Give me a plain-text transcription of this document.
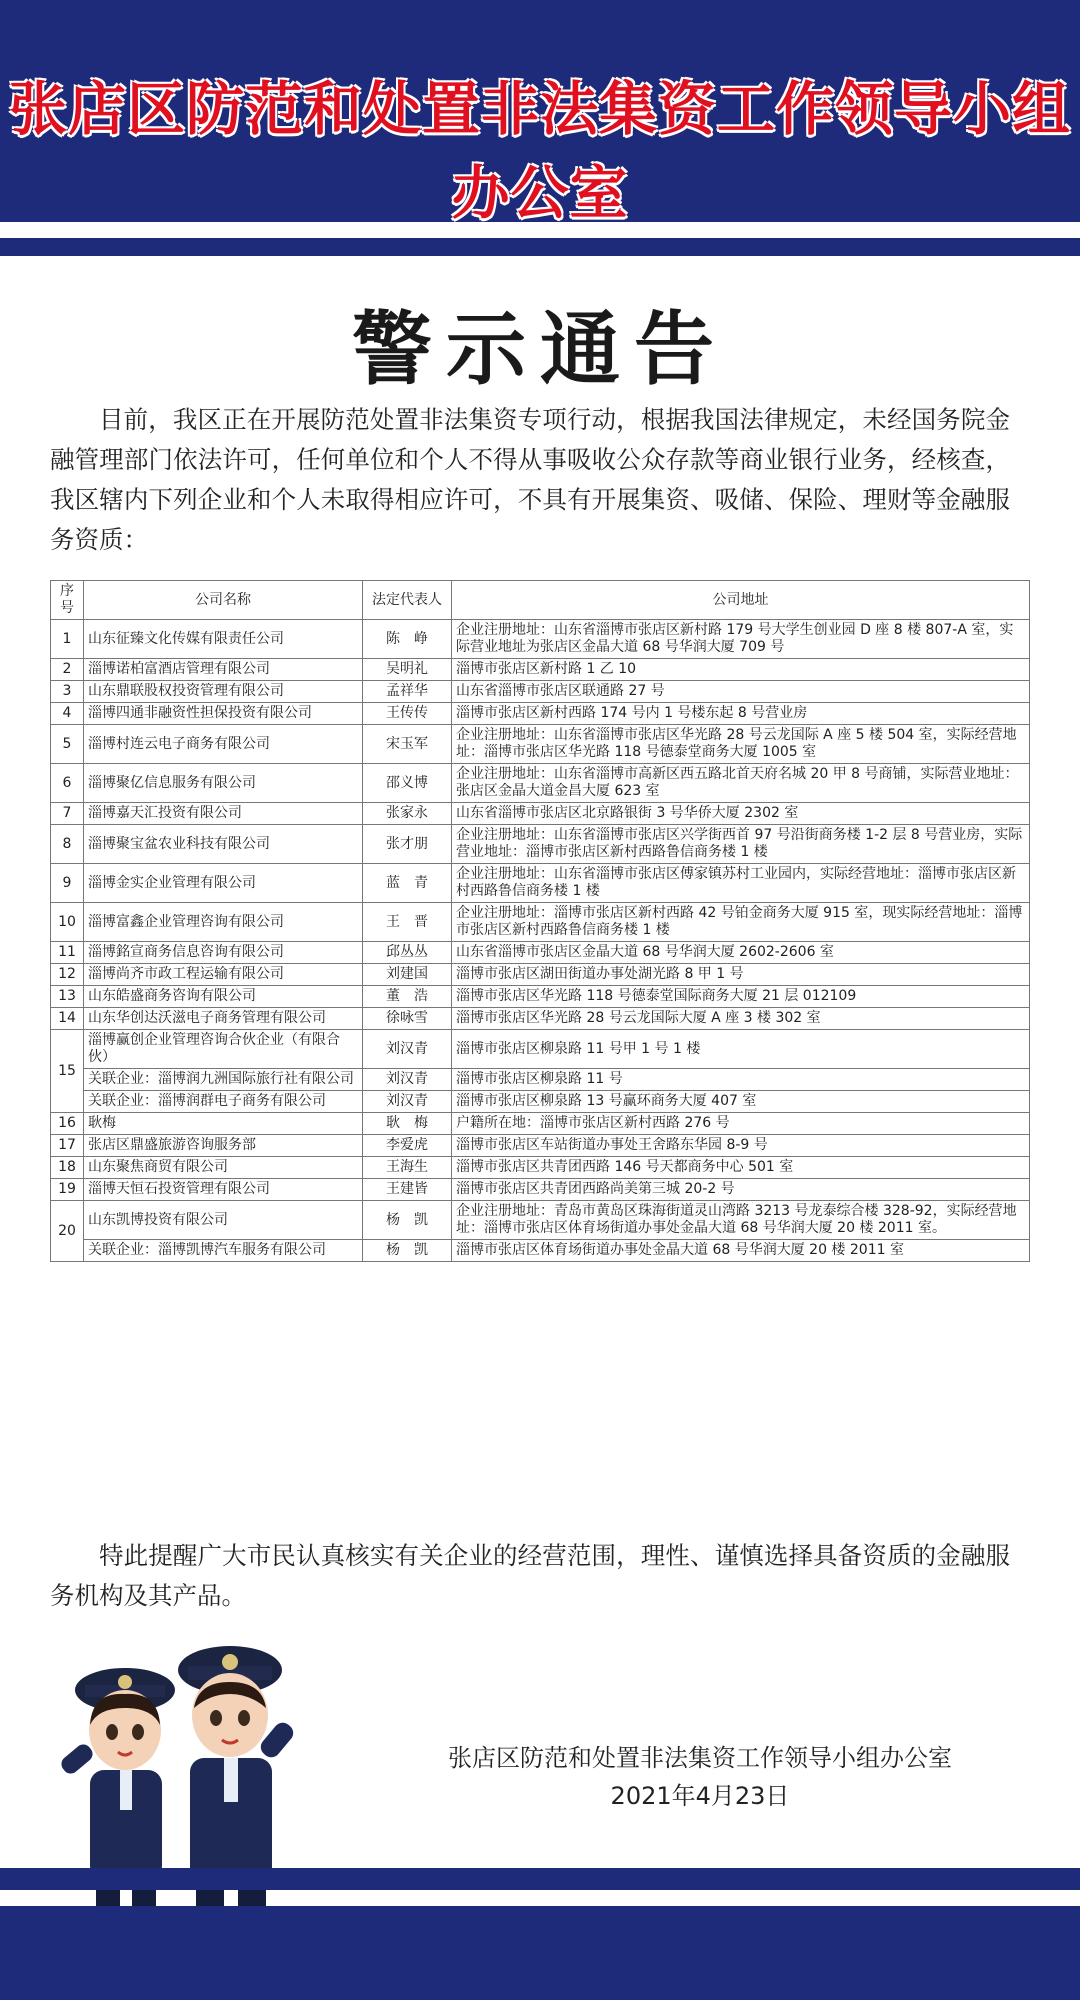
张店区防范和处置非法集资工作领导小组办公室
警示通告
目前，我区正在开展防范处置非法集资专项行动，根据我国法律规定，未经国务院金融管理部门依法许可，任何单位和个人不得从事吸收公众存款等商业银行业务，经核查，我区辖内下列企业和个人未取得相应许可，不具有开展集资、吸储、保险、理财等金融服务资质：
序号	公司名称	法定代表人	公司地址
1	山东征臻文化传媒有限责任公司	陈　峥	企业注册地址：山东省淄博市张店区新村路 179 号大学生创业园 D 座 8 楼 807-A 室，实际营业地址为张店区金晶大道 68 号华润大厦 709 号
2	淄博诺柏富酒店管理有限公司	吴明礼	淄博市张店区新村路 1 乙 10
3	山东鼎联股权投资管理有限公司	孟祥华	山东省淄博市张店区联通路 27 号
4	淄博四通非融资性担保投资有限公司	王传传	淄博市张店区新村西路 174 号内 1 号楼东起 8 号营业房
5	淄博村连云电子商务有限公司	宋玉军	企业注册地址：山东省淄博市张店区华光路 28 号云龙国际 A 座 5 楼 504 室，实际经营地址：淄博市张店区华光路 118 号德泰堂商务大厦 1005 室
6	淄博聚亿信息服务有限公司	邵义博	企业注册地址：山东省淄博市高新区西五路北首天府名城 20 甲 8 号商铺，实际营业地址：张店区金晶大道金昌大厦 623 室
7	淄博嘉天汇投资有限公司	张家永	山东省淄博市张店区北京路银街 3 号华侨大厦 2302 室
8	淄博聚宝盆农业科技有限公司	张才朋	企业注册地址：山东省淄博市张店区兴学街西首 97 号沿街商务楼 1-2 层 8 号营业房，实际营业地址：淄博市张店区新村西路鲁信商务楼 1 楼
9	淄博金实企业管理有限公司	蓝　青	企业注册地址：山东省淄博市张店区傅家镇苏村工业园内，实际经营地址：淄博市张店区新村西路鲁信商务楼 1 楼
10	淄博富鑫企业管理咨询有限公司	王　晋	企业注册地址：淄博市张店区新村西路 42 号铂金商务大厦 915 室，现实际经营地址：淄博市张店区新村西路鲁信商务楼 1 楼
11	淄博銘宣商务信息咨询有限公司	邱丛丛	山东省淄博市张店区金晶大道 68 号华润大厦 2602-2606 室
12	淄博尚齐市政工程运输有限公司	刘建国	淄博市张店区湖田街道办事处湖光路 8 甲 1 号
13	山东皓盛商务咨询有限公司	董　浩	淄博市张店区华光路 118 号德泰堂国际商务大厦 21 层 012109
14	山东华创达沃滋电子商务管理有限公司	徐咏雪	淄博市张店区华光路 28 号云龙国际大厦 A 座 3 楼 302 室
15	淄博赢创企业管理咨询合伙企业（有限合伙）	刘汉青	淄博市张店区柳泉路 11 号甲 1 号 1 楼
	关联企业：淄博润九洲国际旅行社有限公司	刘汉青	淄博市张店区柳泉路 11 号
	关联企业：淄博润群电子商务有限公司	刘汉青	淄博市张店区柳泉路 13 号赢环商务大厦 407 室
16	耿梅	耿　梅	户籍所在地：淄博市张店区新村西路 276 号
17	张店区鼎盛旅游咨询服务部	李爱虎	淄博市张店区车站街道办事处王舍路东华园 8-9 号
18	山东聚焦商贸有限公司	王海生	淄博市张店区共青团西路 146 号天都商务中心 501 室
19	淄博天恒石投资管理有限公司	王建皆	淄博市张店区共青团西路尚美第三城 20-2 号
20	山东凯博投资有限公司	杨　凯	企业注册地址：青岛市黄岛区珠海街道灵山湾路 3213 号龙泰综合楼 328-92，实际经营地址：淄博市张店区体育场街道办事处金晶大道 68 号华润大厦 20 楼 2011 室。
	关联企业：淄博凯博汽车服务有限公司	杨　凯	淄博市张店区体育场街道办事处金晶大道 68 号华润大厦 20 楼 2011 室
特此提醒广大市民认真核实有关企业的经营范围，理性、谨慎选择具备资质的金融服务机构及其产品。
张店区防范和处置非法集资工作领导小组办公室
2021年4月23日
